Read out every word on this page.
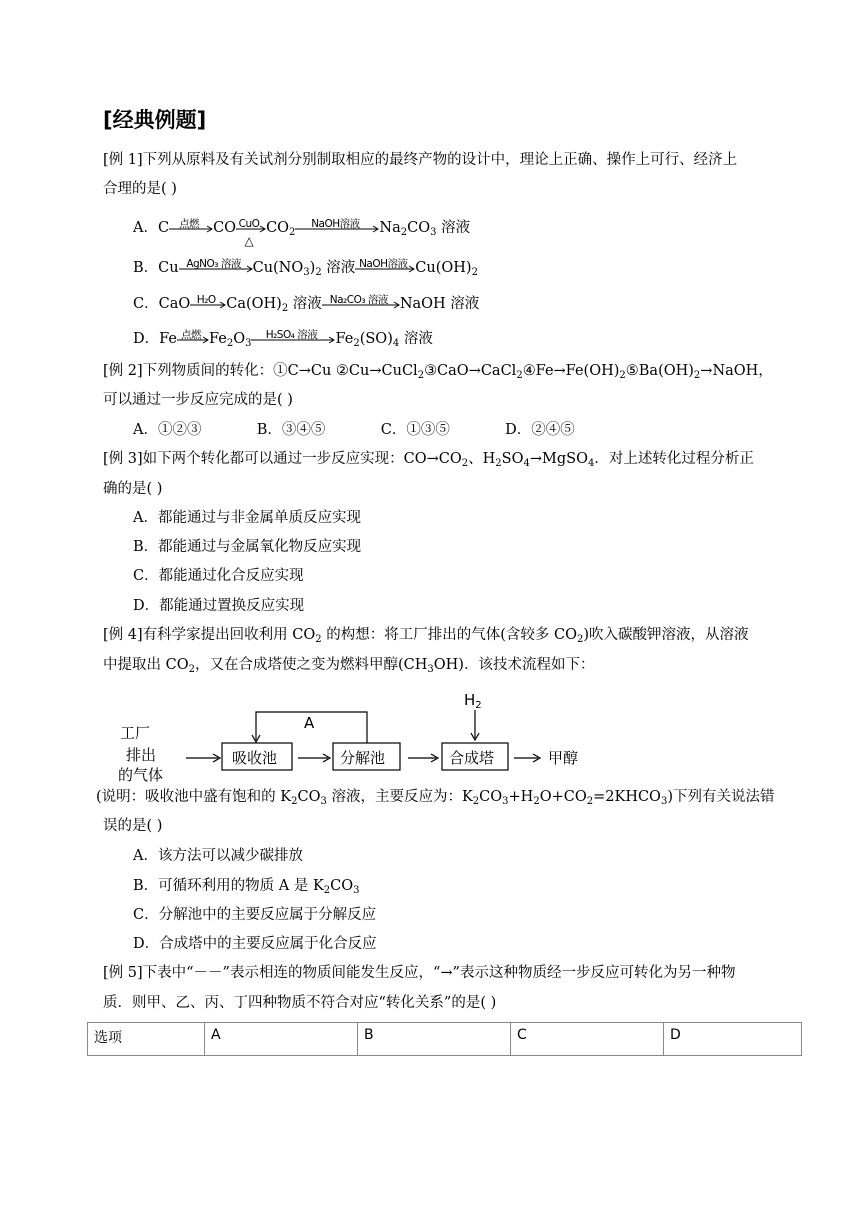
[经典例题]
[例 1]下列从原料及有关试剂分别制取相应的最终产物的设计中，理论上正确、操作上可行、经济上
合理的是( )
A．C 点燃 CO CuO
△
$CO_2$
NaOH溶液	$Na_2CO_3$ 溶液
B．Cu AgNO₃ 溶液 $Cu(NO_3)_2$ 溶液 NaOH溶液 $Cu(OH)_2$
C．CaO H₂O $Ca(OH)_2$ 溶液 Na₂CO₃ 溶液 NaOH 溶液
D．Fe 点燃 $Fe_2O_3$
H₂SO₄ 溶液	$Fe_2(SO)_4$ 溶液
[例 2]下列物质间的转化：①C→Cu $②Cu\to CuCl_2③CaO\to CaCl_2④Fe\to Fe(OH)_2⑤Ba(OH)_2\to NaOH$，
可以通过一步反应完成的是( )
A．①②③            B．③④⑤            C．①③⑤            D．②④⑤
[例 3]如下两个转化都可以通过一步反应实现：$CO\to CO_2$、$H_2SO_4\to MgSO_4$．对上述转化过程分析正
确的是( )
A．都能通过与非金属单质反应实现
B．都能通过与金属氧化物反应实现
C．都能通过化合反应实现
D．都能通过置换反应实现
[例 4]有科学家提出回收利用 $CO_2$ 的构想：将工厂排出的气体(含较多 $CO_2$)吹入碳酸钾溶液，从溶液
中提取出 $CO_2$，又在合成塔使之变为燃料甲醇$(CH_3OH)$．该技术流程如下：
工厂
排出
的气体
吸收池	分解池
A
合成塔
$H_2$
甲醇
(说明：吸收池中盛有饱和的 $K_2CO_3$ 溶液，主要反应为：$K_2CO_3+H_2O+CO_2=2KHCO_3$)下列有关说法错
误的是( )
A．该方法可以减少碳排放
B．可循环利用的物质 A 是 $K_2CO_3$
C．分解池中的主要反应属于分解反应
D．合成塔中的主要反应属于化合反应
[例 5]下表中“－－”表示相连的物质间能发生反应，“→”表示这种物质经一步反应可转化为另一种物
质．则甲、乙、丙、丁四种物质不符合对应“转化关系”的是( )
选项	A	B	C	D
